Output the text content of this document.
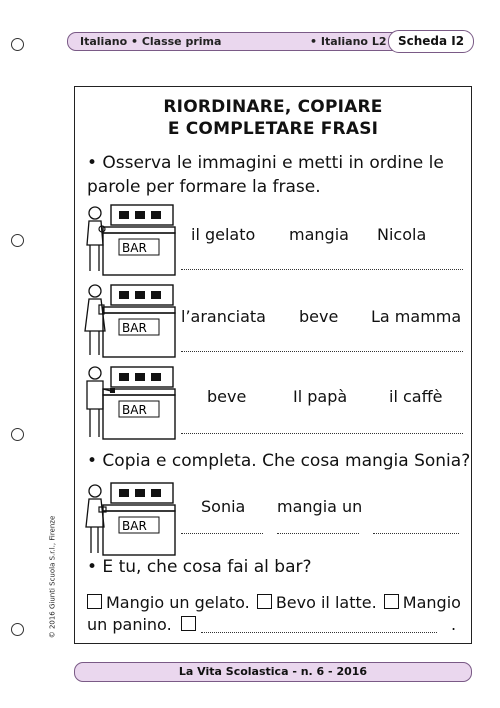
Italiano • Classe prima	• Italiano L2 Scheda I2
© 2016 Giunti Scuola S.r.l., Firenze
RIORDINARE, COPIARE
E COMPLETARE FRASI
• Osserva le immagini e metti in ordine le
parole per formare la frase.
BAR
il gelato mangia Nicola
BAR
l’aranciata beve La mamma
BAR
beve	Il papà	il caffè
• Copia e completa. Che cosa mangia Sonia?
BAR
Sonia mangia un
• E tu, che cosa fai al bar?
Mangio un gelato. Bevo il latte. Mangio
un panino.	.
La Vita Scolastica - n. 6 - 2016
